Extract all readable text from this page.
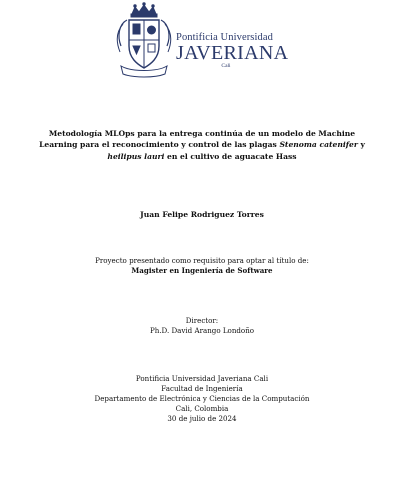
Pontificia Universidad
JAVERIANA
Cali
Metodología MLOps para la entrega continúa de un modelo de Machine
Learning para el reconocimiento y control de las plagas Stenoma catenifer y
heilipus lauri en el cultivo de aguacate Hass
Juan Felipe Rodriguez Torres
Proyecto presentado como requisito para optar al título de:
Magister en Ingeniería de Software
Director:
Ph.D. David Arango Londoño
Pontificia Universidad Javeriana Cali
Facultad de Ingeniería
Departamento de Electrónica y Ciencias de la Computación
Cali, Colombia
30 de julio de 2024
